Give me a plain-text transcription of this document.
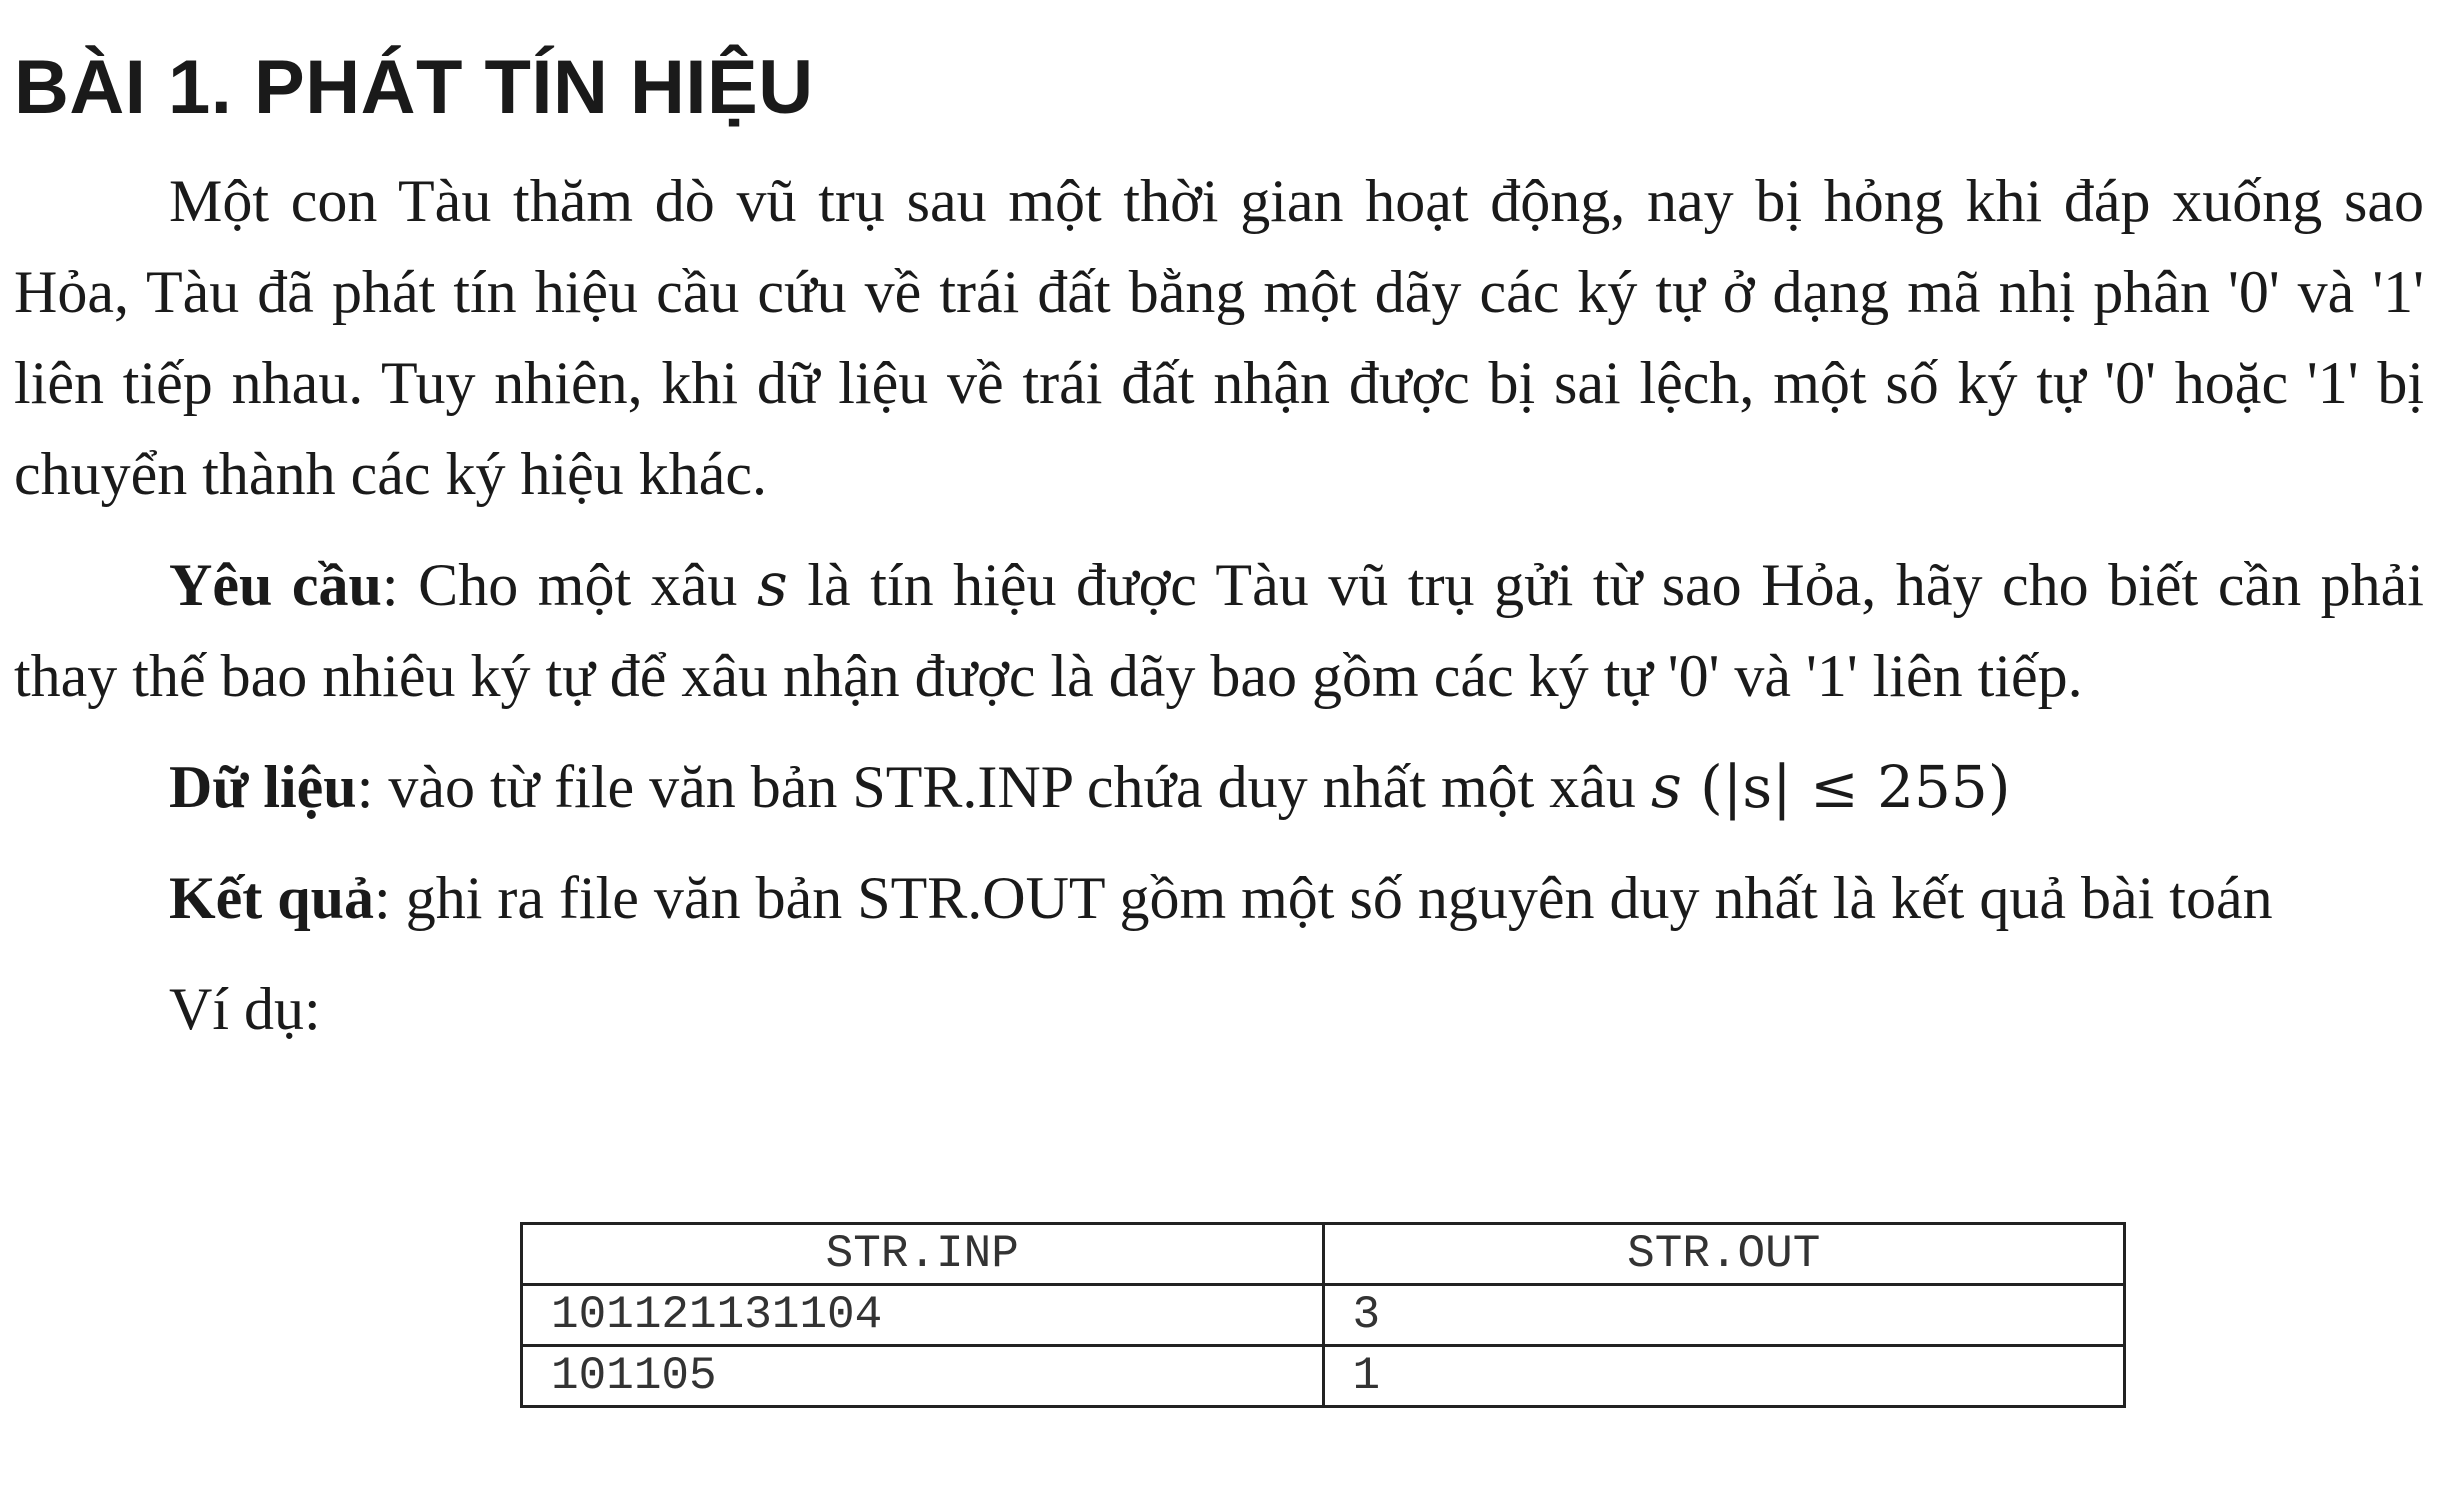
BÀI 1. PHÁT TÍN HIỆU

Một con Tàu thăm dò vũ trụ sau một thời gian hoạt động, nay bị hỏng khi đáp xuống sao Hỏa, Tàu đã phát tín hiệu cầu cứu về trái đất bằng một dãy các ký tự ở dạng mã nhị phân '0' và '1' liên tiếp nhau. Tuy nhiên, khi dữ liệu về trái đất nhận được bị sai lệch, một số ký tự '0' hoặc '1' bị chuyển thành các ký hiệu khác.

Yêu cầu: Cho một xâu s là tín hiệu được Tàu vũ trụ gửi từ sao Hỏa, hãy cho biết cần phải thay thế bao nhiêu ký tự để xâu nhận được là dãy bao gồm các ký tự '0' và '1' liên tiếp.

Dữ liệu: vào từ file văn bản STR.INP chứa duy nhất một xâu s (|s| ≤ 255)

Kết quả: ghi ra file văn bản STR.OUT gồm một số nguyên duy nhất là kết quả bài toán

Ví dụ:
STR.INP	STR.OUT
101121131104	3
101105	1
